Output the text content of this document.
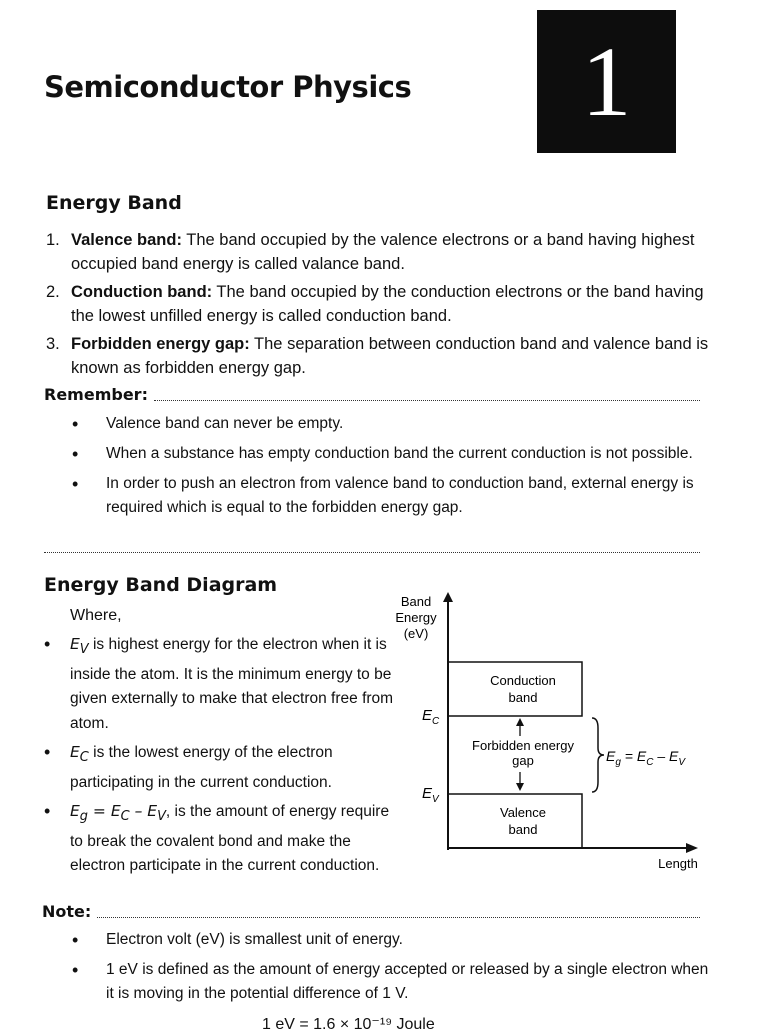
Semiconductor Physics 1
Energy Band
1. Valence band: The band occupied by the valence electrons or a band having highest occupied band energy is called valance band.
2. Conduction band: The band occupied by the conduction electrons or the band having the lowest unfilled energy is called conduction band.
3. Forbidden energy gap: The separation between conduction band and valence band is known as forbidden energy gap.
Remember:
• Valence band can never be empty.
• When a substance has empty conduction band the current conduction is not possible.
• In order to push an electron from valence band to conduction band, external energy is required which is equal to the forbidden energy gap.
Energy Band Diagram
Where,
• $E_V$ is highest energy for the electron when it is inside the atom. It is the minimum energy to be given externally to make that electron free from atom.
• $E_C$ is the lowest energy of the electron participating in the current conduction.
• $E_g = E_C - E_V$, is the amount of energy require to break the covalent bond and make the electron participate in the current conduction.
Band
Energy
(eV)
Conduction
band
Valence
band
Forbidden energy
gap
$E_C$
$E_V$
$E_g = E_C - E_V$
Length
Note:
• Electron volt (eV) is smallest unit of energy.
• 1 eV is defined as the amount of energy accepted or released by a single electron when it is moving in the potential difference of 1 V.
1 eV = 1.6 × 10⁻¹⁹ Joule
